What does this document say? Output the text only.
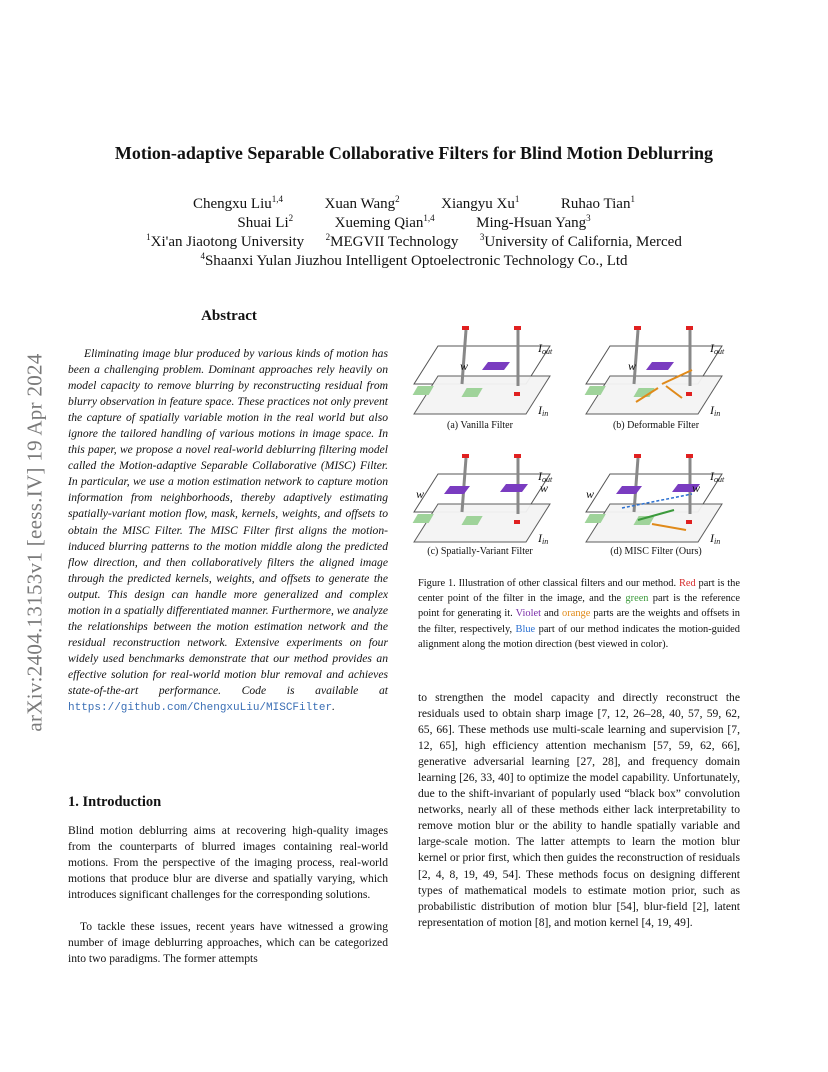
arXiv:2404.13153v1 [eess.IV] 19 Apr 2024
Motion-adaptive Separable Collaborative Filters for Blind Motion Deblurring
Chengxu Liu$^{1,4}$	Xuan Wang$^2$	Xiangyu Xu$^1$	Ruhao Tian$^1$
Shuai Li$^2$	Xueming Qian$^{1,4}$	Ming-Hsuan Yang$^3$
$^1$Xi'an Jiaotong University $^2$MEGVII Technology $^3$University of California, Merced
$^4$Shaanxi Yulan Jiuzhou Intelligent Optoelectronic Technology Co., Ltd
Abstract
Eliminating image blur produced by various kinds of motion has been a challenging problem. Dominant approaches rely heavily on model capacity to remove blurring by reconstructing residual from blurry observation in feature space. These practices not only prevent the capture of spatially variable motion in the real world but also ignore the tailored handling of various motions in image space. In this paper, we propose a novel real-world deblurring filtering model called the Motion-adaptive Separable Collaborative (MISC) Filter. In particular, we use a motion estimation network to capture motion information from neighborhoods, thereby adaptively estimating spatially-variant motion flow, mask, kernels, weights, and offsets to obtain the MISC Filter. The MISC Filter first aligns the motion-induced blurring patterns to the motion middle along the predicted flow direction, and then collaboratively filters the aligned image through the predicted kernels, weights, and offsets to generate the output. This design can handle more generalized and complex motion in a spatially differentiated manner. Furthermore, we analyze the relationships between the motion estimation network and the residual reconstruction network. Extensive experiments on four widely used benchmarks demonstrate that our method provides an effective solution for real-world motion blur removal and achieves state-of-the-art performance. Code is available at https://github.com/ChengxuLiu/MISCFilter.
1. Introduction
Blind motion deblurring aims at recovering high-quality images from the counterparts of blurred images containing real-world motions. From the perspective of the imaging process, real-world motions that produce blur are diverse and spatially varying, which introduces significant challenges for the corresponding solutions.
To tackle these issues, recent years have witnessed a growing number of image deblurring approaches, which can be categorized into two paradigms. The former attempts
Iout
Iin
Iout
Iin
Iout
Iin
Iout
Iin
w	w
w	w	w	w
(a) Vanilla Filter	(b) Deformable Filter
(c) Spatially-Variant Filter	(d) MISC Filter (Ours)
Figure 1. Illustration of other classical filters and our method. Red part is the center point of the filter in the image, and the green part is the reference point for generating it. Violet and orange parts are the weights and offsets in the filter, respectively, Blue part of our method indicates the motion-guided alignment along the motion direction (best viewed in color).
to strengthen the model capacity and directly reconstruct the residuals used to obtain sharp image [7, 12, 26–28, 40, 57, 59, 62, 65, 66]. These methods use multi-scale learning and supervision [7, 12, 65], high efficiency attention mechanism [57, 59, 62, 66], generative adversarial learning [27, 28], and frequency domain learning [26, 33, 40] to optimize the model capability. Unfortunately, due to the shift-invariant of popularly used “black box” convolution networks, nearly all of these methods either lack interpretability to remove motion blur or the ability to handle spatially variable and large-scale motion. The latter attempts to learn the motion blur kernel or prior first, which then guides the reconstruction of residuals [2, 4, 8, 19, 49, 54]. These methods focus on designing different types of mathematical models to estimate motion prior, such as probabilistic distribution of motion blur [54], blur-field [2], latent representation of motion [8], and motion kernel [4, 19, 49].
